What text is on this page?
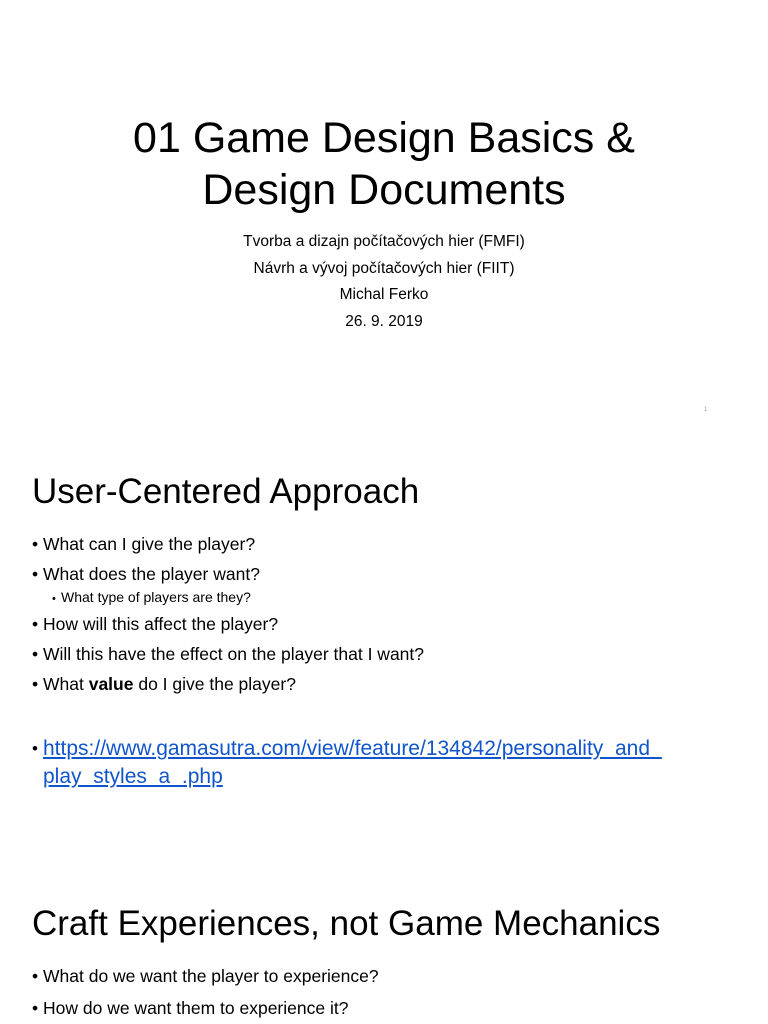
01 Game Design Basics &
Design Documents
Tvorba a dizajn počítačových hier (FMFI)
Návrh a vývoj počítačových hier (FIIT)
Michal Ferko
26. 9. 2019
1
User-Centered Approach
• What can I give the player?
• What does the player want?
• What type of players are they?
• How will this affect the player?
• Will this have the effect on the player that I want?
• What value do I give the player?
• https://www.gamasutra.com/view/feature/134842/personality_and_
play_styles_a_.php
Craft Experiences, not Game Mechanics
• What do we want the player to experience?
• How do we want them to experience it?
